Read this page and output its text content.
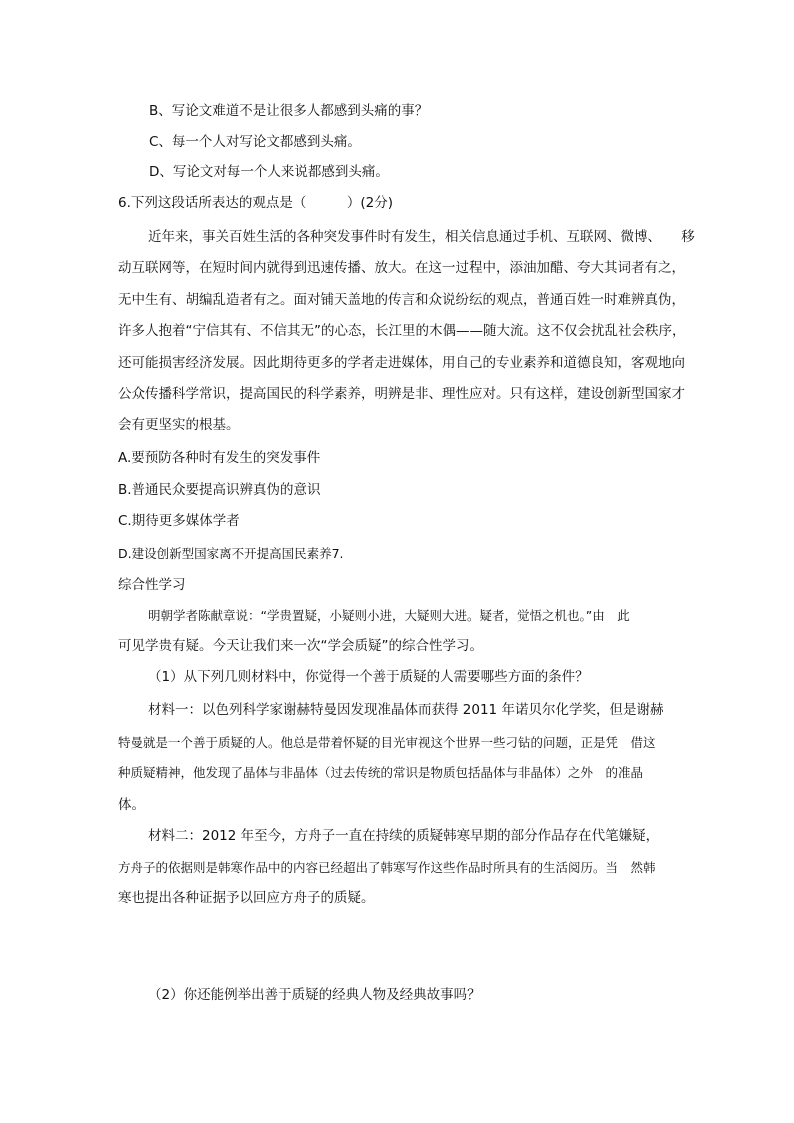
B、写论文难道不是让很多人都感到头痛的事？
C、每一个人对写论文都感到头痛。
D、写论文对每一个人来说都感到头痛。
6.下列这段话所表达的观点是（　　　）(2分)
近年来，事关百姓生活的各种突发事件时有发生，相关信息通过手机、互联网、微博、　　移
动互联网等，在短时间内就得到迅速传播、放大。在这一过程中，添油加醋、夸大其词者有之，
无中生有、胡编乱造者有之。面对铺天盖地的传言和众说纷纭的观点，普通百姓一时难辨真伪，
许多人抱着“宁信其有、不信其无”的心态，长江里的木偶——随大流。这不仅会扰乱社会秩序，
还可能损害经济发展。因此期待更多的学者走进媒体，用自己的专业素养和道德良知，客观地向
公众传播科学常识，提高国民的科学素养，明辨是非、理性应对。只有这样，建设创新型国家才
会有更坚实的根基。
A.要预防各种时有发生的突发事件
B.普通民众要提高识辨真伪的意识
C.期待更多媒体学者
D.建设创新型国家离不开提高国民素养7.
综合性学习
明朝学者陈献章说：“学贵置疑，小疑则小进，大疑则大进。疑者，觉悟之机也。”由　此
可见学贵有疑。今天让我们来一次“学会质疑”的综合性学习。
（1）从下列几则材料中，你觉得一个善于质疑的人需要哪些方面的条件？
材料一：以色列科学家谢赫特曼因发现准晶体而获得 2011 年诺贝尔化学奖，但是谢赫
特曼就是一个善于质疑的人。他总是带着怀疑的目光审视这个世界一些刁钻的问题，正是凭　借这
种质疑精神，他发现了晶体与非晶体（过去传统的常识是物质包括晶体与非晶体）之外　的准晶
体。
材料二：2012 年至今，方舟子一直在持续的质疑韩寒早期的部分作品存在代笔嫌疑，
方舟子的依据则是韩寒作品中的内容已经超出了韩寒写作这些作品时所具有的生活阅历。当　然韩
寒也提出各种证据予以回应方舟子的质疑。
（2）你还能例举出善于质疑的经典人物及经典故事吗？
